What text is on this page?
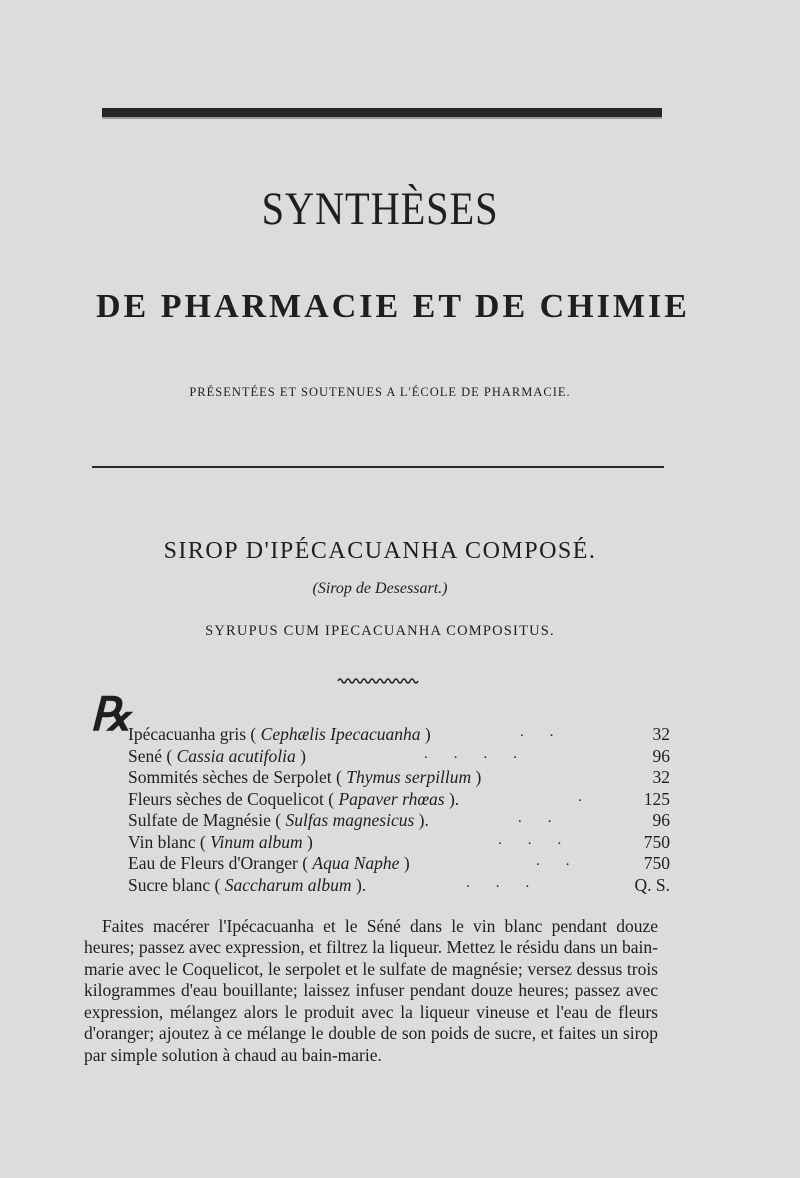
SYNTHÈSES
DE PHARMACIE ET DE CHIMIE
PRÉSENTÉES ET SOUTENUES A L'ÉCOLE DE PHARMACIE.
SIROP D'IPÉCACUANHA COMPOSÉ.
(Sirop de Desessart.)
SYRUPUS CUM IPECACUANHA COMPOSITUS.
℞
Ipécacuanha gris ( Cephælis Ipecacuanha )	..	32
Sené ( Cassia acutifolia )	....	96
Sommités sèches de Serpolet ( Thymus serpillum )	32
Fleurs sèches de Coquelicot ( Papaver rhœas ).	.	125
Sulfate de Magnésie ( Sulfas magnesicus ).	..	96
Vin blanc ( Vinum album )	...	750
Eau de Fleurs d'Oranger ( Aqua Naphe )	..	750
Sucre blanc ( Saccharum album ).	...	Q. S.

Faites macérer l'Ipécacuanha et le Séné dans le vin blanc pendant douze heures; passez avec expression, et filtrez la liqueur. Mettez le résidu dans un bain-marie avec le Coquelicot, le serpolet et le sulfate de magnésie; versez dessus trois kilogrammes d'eau bouillante; laissez infuser pendant douze heures; passez avec expression, mélangez alors le produit avec la liqueur vineuse et l'eau de fleurs d'oranger; ajoutez à ce mélange le double de son poids de sucre, et faites un sirop par simple solution à chaud au bain-marie.
